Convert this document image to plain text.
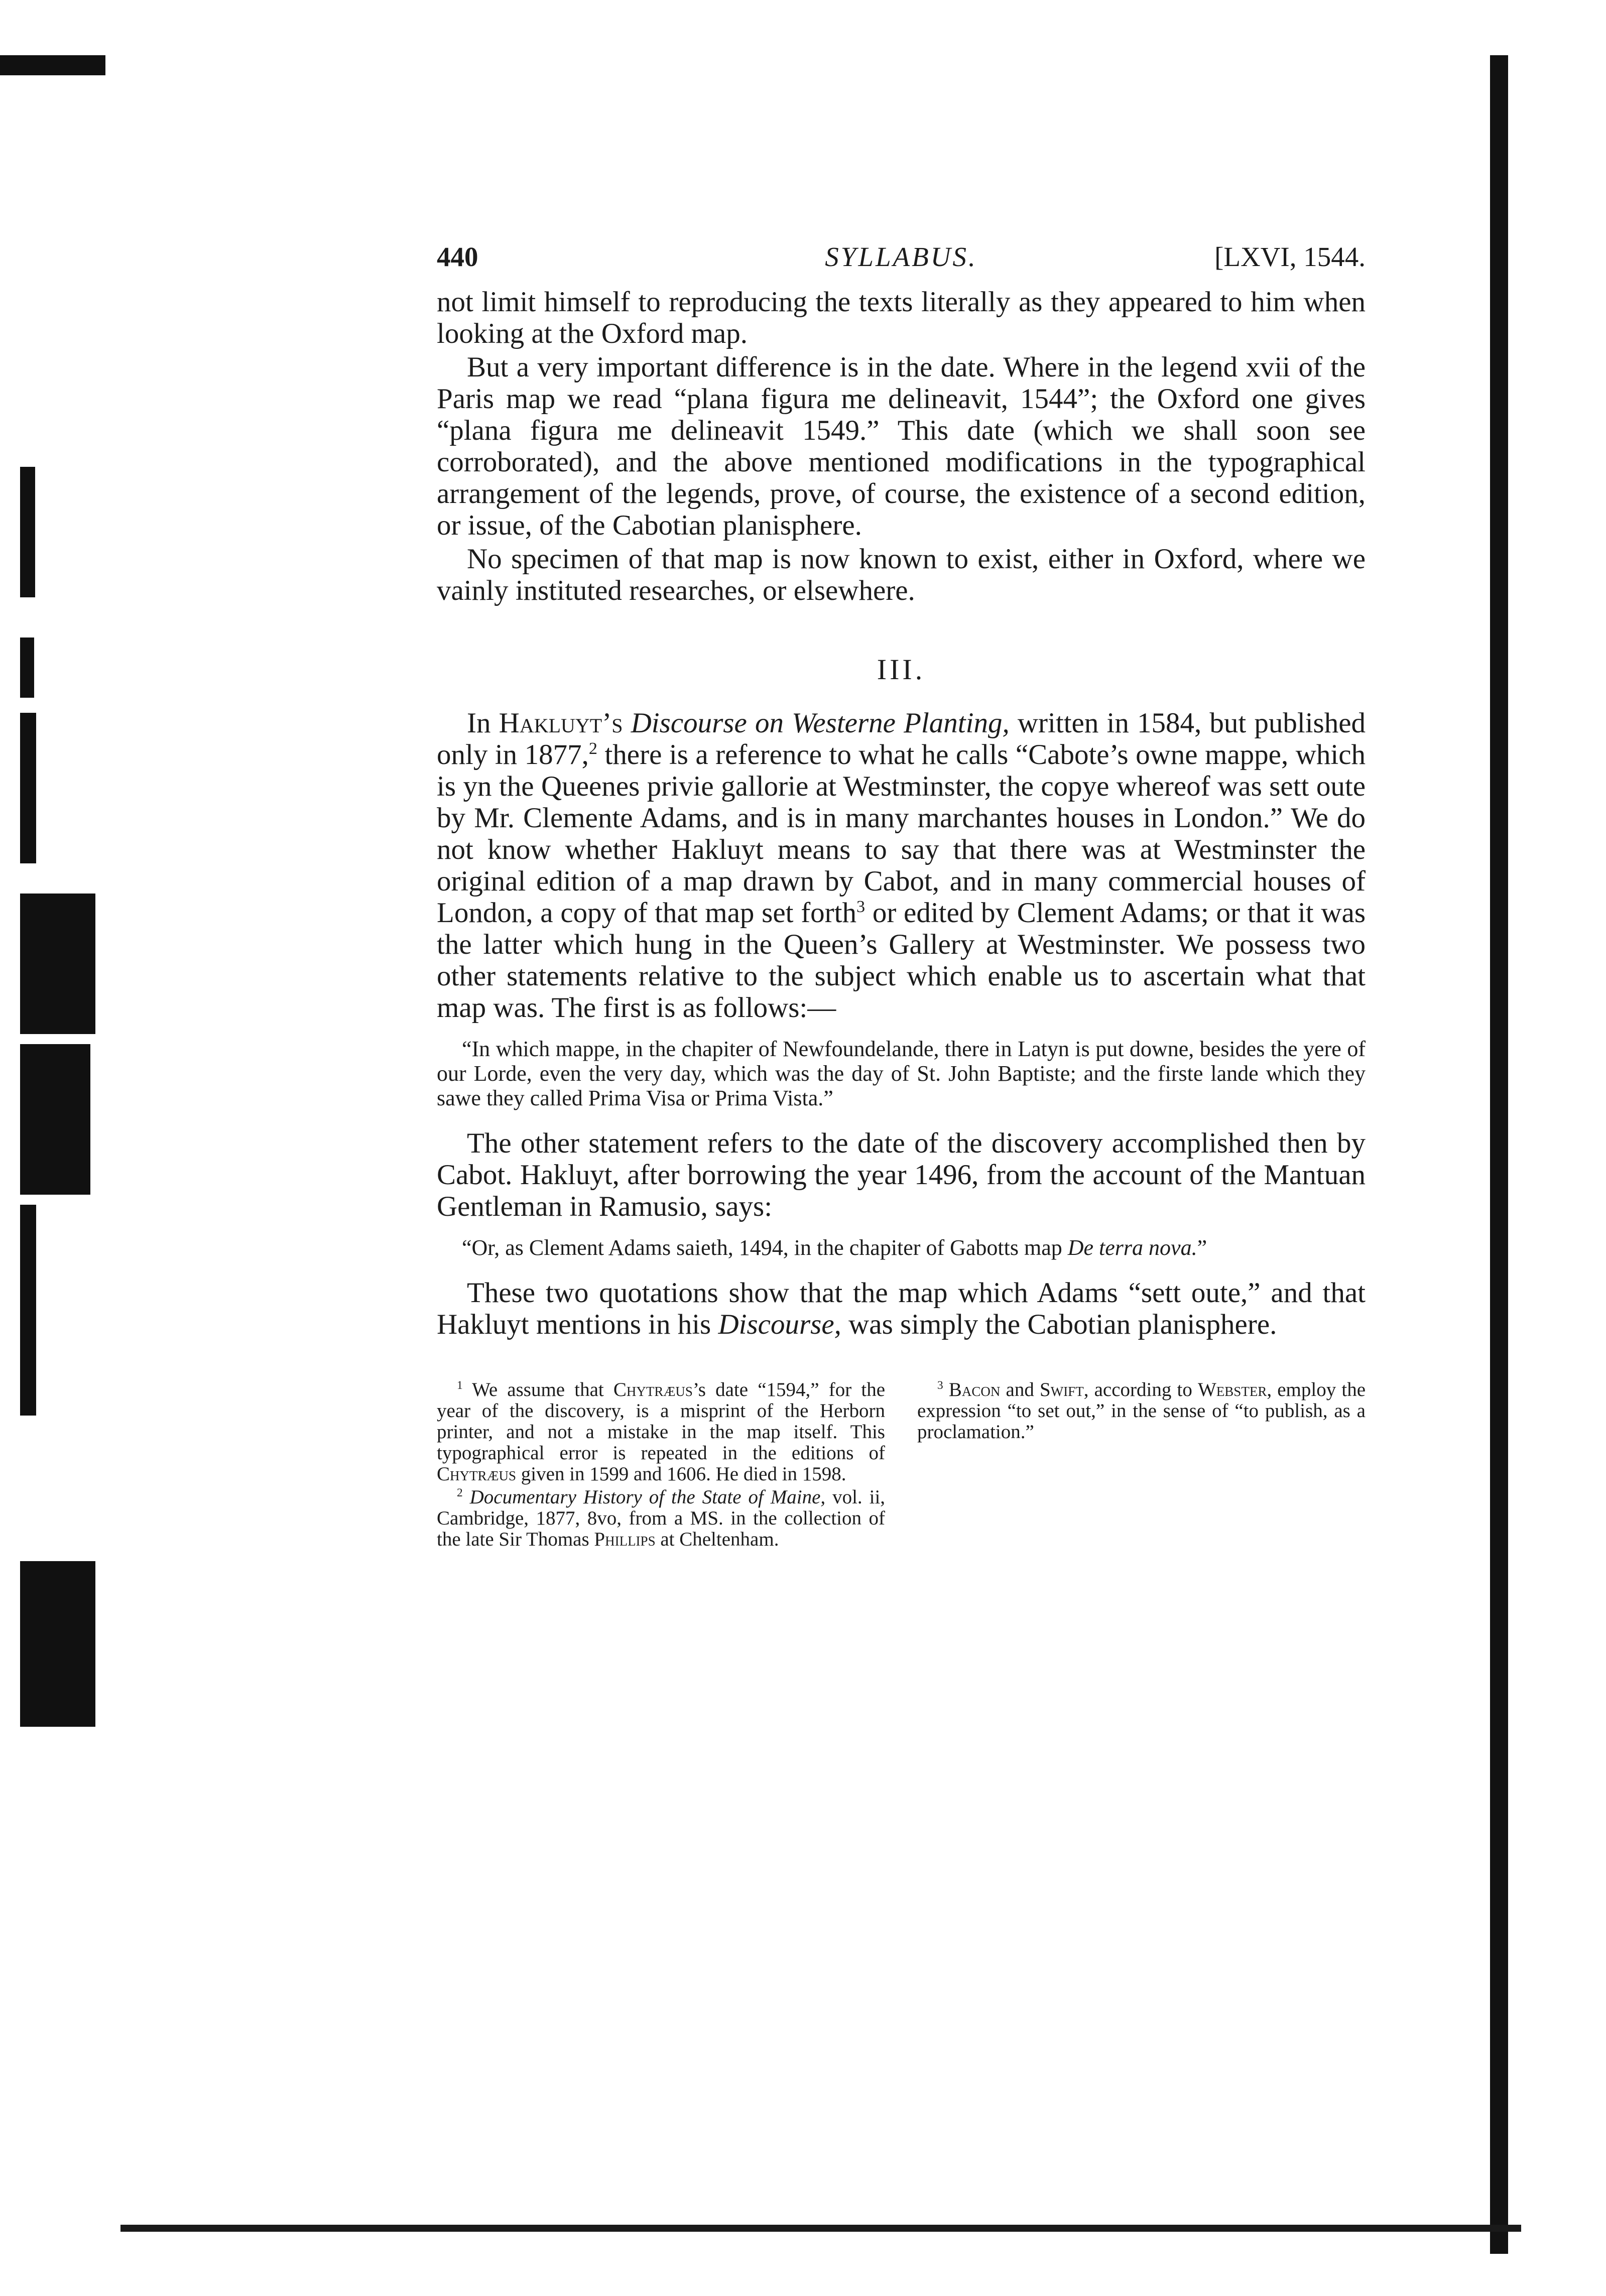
440	SYLLABUS.	[LXVI, 1544.

not limit himself to reproducing the texts literally as they appeared to him when looking at the Oxford map.

But a very important difference is in the date. Where in the legend xvii of the Paris map we read “plana figura me delineavit, 1544”; the Oxford one gives “plana figura me delineavit 1549.” This date (which we shall soon see corroborated), and the above mentioned modifications in the typographical arrangement of the legends, prove, of course, the existence of a second edition, or issue, of the Cabotian planisphere.

No specimen of that map is now known to exist, either in Oxford, where we vainly instituted researches, or elsewhere.

III.

In Hakluyt’s Discourse on Westerne Planting, written in 1584, but published only in 1877,$^2$ there is a reference to what he calls “Cabote’s owne mappe, which is yn the Queenes privie gallorie at Westminster, the copye whereof was sett oute by Mr. Clemente Adams, and is in many marchantes houses in London.” We do not know whether Hakluyt means to say that there was at Westminster the original edition of a map drawn by Cabot, and in many commercial houses of London, a copy of that map set forth$^3$ or edited by Clement Adams; or that it was the latter which hung in the Queen’s Gallery at Westminster. We possess two other statements relative to the subject which enable us to ascertain what that map was. The first is as follows:—

“In which mappe, in the chapiter of Newfoundelande, there in Latyn is put downe, besides the yere of our Lorde, even the very day, which was the day of St. John Baptiste; and the firste lande which they sawe they called Prima Visa or Prima Vista.”

The other statement refers to the date of the discovery accomplished then by Cabot. Hakluyt, after borrowing the year 1496, from the account of the Mantuan Gentleman in Ramusio, says:

“Or, as Clement Adams saieth, 1494, in the chapiter of Gabotts map De terra nova.”

These two quotations show that the map which Adams “sett oute,” and that Hakluyt mentions in his Discourse, was simply the Cabotian planisphere.

$^1$ We assume that Chytræus’s date “1594,” for the year of the discovery, is a misprint of the Herborn printer, and not a mistake in the map itself. This typographical error is repeated in the editions of Chytræus given in 1599 and 1606. He died in 1598.

$^2$ Documentary History of the State of Maine, vol. ii, Cambridge, 1877, 8vo, from a MS. in the collection of the late Sir Thomas Phillips at Cheltenham.

$^3$ Bacon and Swift, according to Webster, employ the expression “to set out,” in the sense of “to publish, as a proclamation.”
